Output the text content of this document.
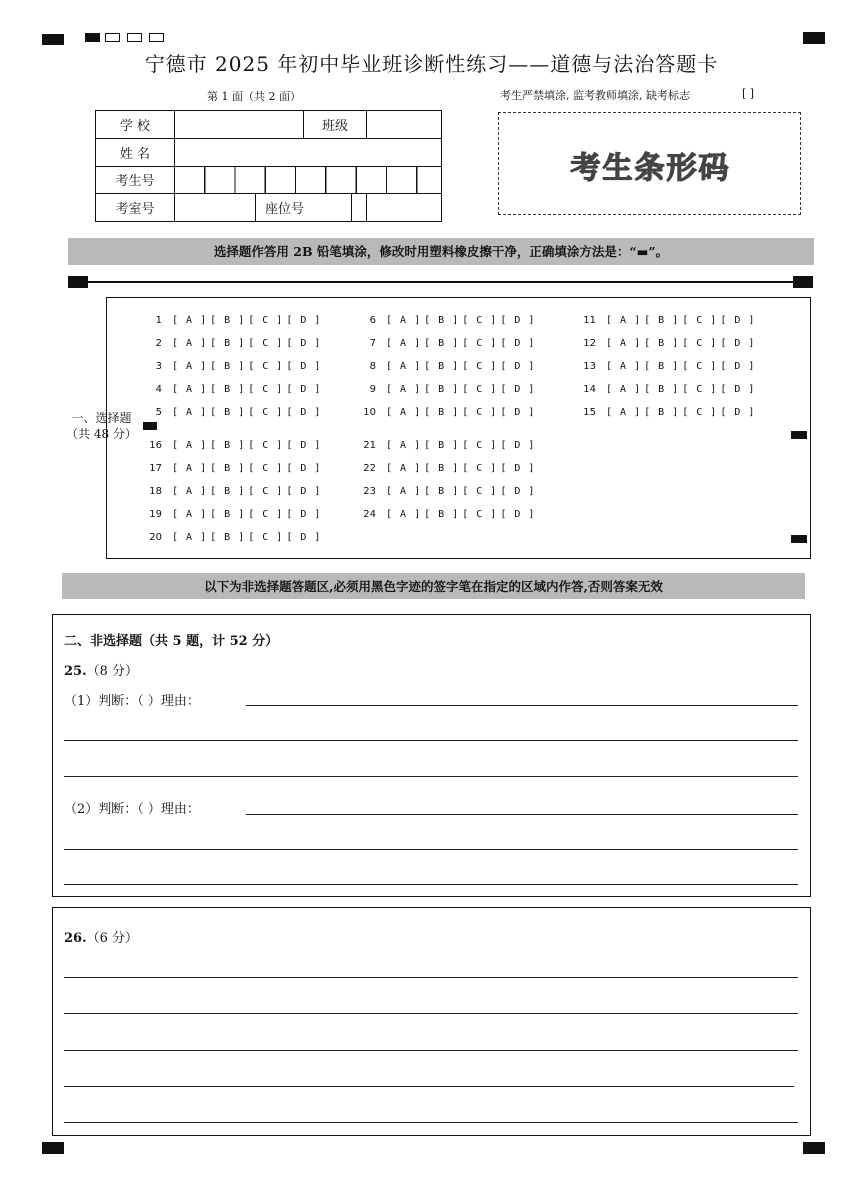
宁德市 2025 年初中毕业班诊断性练习——道德与法治答题卡
第 1 面（共 2 面）	考生严禁填涂, 监考教师填涂, 缺考标志	[ ]
学 校		班级	
姓 名			
考生号			

考室号	座位号		

考生条形码
选择题作答用 2B 铅笔填涂，修改时用塑料橡皮擦干净，正确填涂方法是：“▬”。
一、选择题
（共 48 分）
1 [ A ] [ B ] [ C ] [ D ]
2 [ A ] [ B ] [ C ] [ D ]
3 [ A ] [ B ] [ C ] [ D ]
4 [ A ] [ B ] [ C ] [ D ]
5 [ A ] [ B ] [ C ] [ D ]
6 [ A ] [ B ] [ C ] [ D ]
7 [ A ] [ B ] [ C ] [ D ]
8 [ A ] [ B ] [ C ] [ D ]
9 [ A ] [ B ] [ C ] [ D ]
10 [ A ] [ B ] [ C ] [ D ]
11 [ A ] [ B ] [ C ] [ D ]
12 [ A ] [ B ] [ C ] [ D ]
13 [ A ] [ B ] [ C ] [ D ]
14 [ A ] [ B ] [ C ] [ D ]
15 [ A ] [ B ] [ C ] [ D ]
16 [ A ] [ B ] [ C ] [ D ]
17 [ A ] [ B ] [ C ] [ D ]
18 [ A ] [ B ] [ C ] [ D ]
19 [ A ] [ B ] [ C ] [ D ]
20 [ A ] [ B ] [ C ] [ D ]
21 [ A ] [ B ] [ C ] [ D ]
22 [ A ] [ B ] [ C ] [ D ]
23 [ A ] [ B ] [ C ] [ D ]
24 [ A ] [ B ] [ C ] [ D ]
以下为非选择题答题区,必须用黑色字迹的签字笔在指定的区域内作答,否则答案无效
二、非选择题（共 5 题，计 52 分）
25.（8 分）
（1）判断：（ ）理由：
（2）判断：（ ）理由：
26.（6 分）
